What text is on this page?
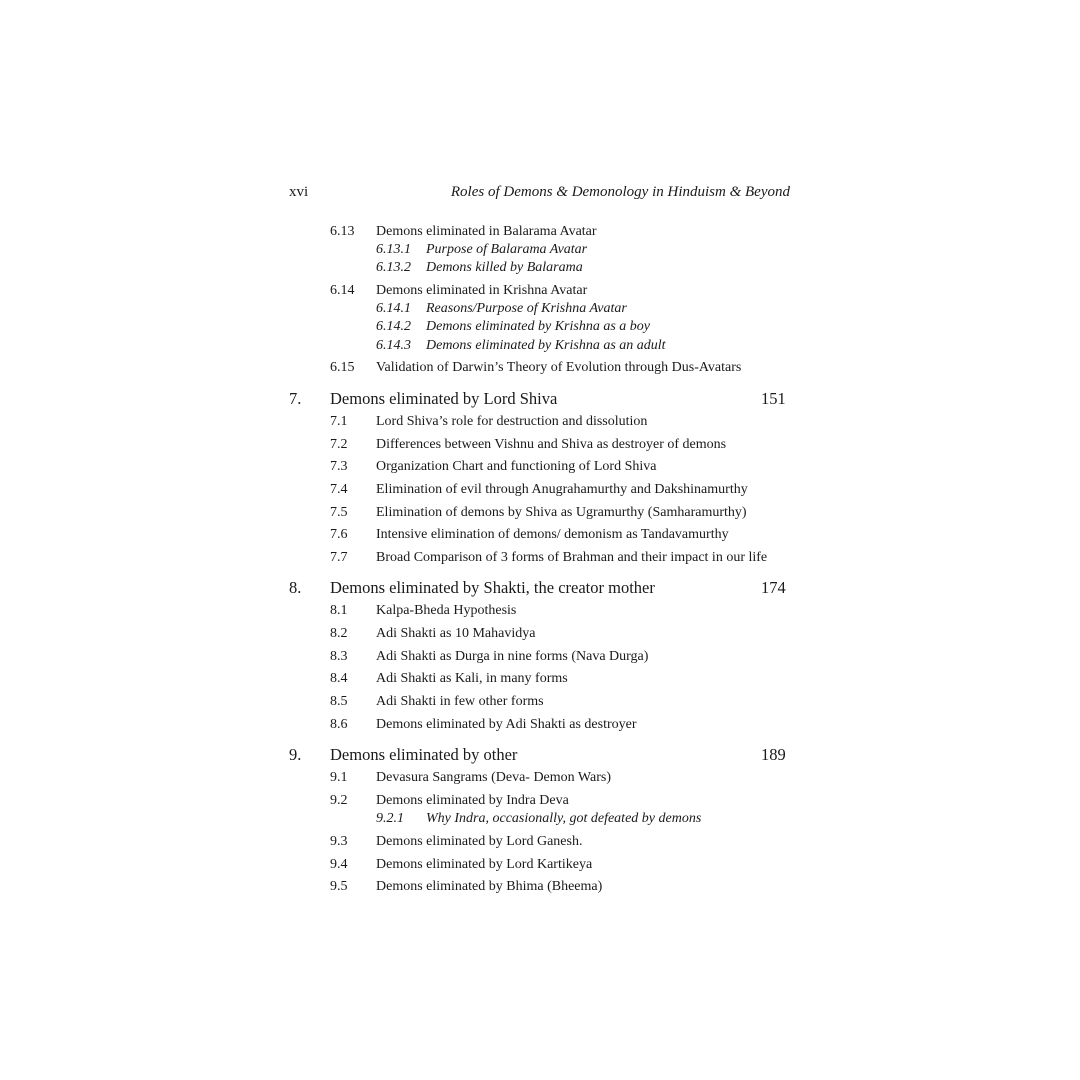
xvi	Roles of Demons & Demonology in Hinduism & Beyond
6.13 Demons eliminated in Balarama Avatar
6.13.1 Purpose of Balarama Avatar
6.13.2 Demons killed by Balarama
6.14 Demons eliminated in Krishna Avatar
6.14.1 Reasons/Purpose of Krishna Avatar
6.14.2 Demons eliminated by Krishna as a boy
6.14.3 Demons eliminated by Krishna as an adult
6.15 Validation of Darwin’s Theory of Evolution through Dus-Avatars
7. Demons eliminated by Lord Shiva	151
7.1 Lord Shiva’s role for destruction and dissolution
7.2 Differences between Vishnu and Shiva as destroyer of demons
7.3 Organization Chart and functioning of Lord Shiva
7.4 Elimination of evil through Anugrahamurthy and Dakshinamurthy
7.5 Elimination of demons by Shiva as Ugramurthy (Samharamurthy)
7.6 Intensive elimination of demons/ demonism as Tandavamurthy
7.7 Broad Comparison of 3 forms of Brahman and their impact in our life
8. Demons eliminated by Shakti, the creator mother	174
8.1 Kalpa-Bheda Hypothesis
8.2 Adi Shakti as 10 Mahavidya
8.3 Adi Shakti as Durga in nine forms (Nava Durga)
8.4 Adi Shakti as Kali, in many forms
8.5 Adi Shakti in few other forms
8.6 Demons eliminated by Adi Shakti as destroyer
9. Demons eliminated by other	189
9.1 Devasura Sangrams (Deva- Demon Wars)
9.2 Demons eliminated by Indra Deva
9.2.1 Why Indra, occasionally, got defeated by demons
9.3 Demons eliminated by Lord Ganesh.
9.4 Demons eliminated by Lord Kartikeya
9.5 Demons eliminated by Bhima (Bheema)
